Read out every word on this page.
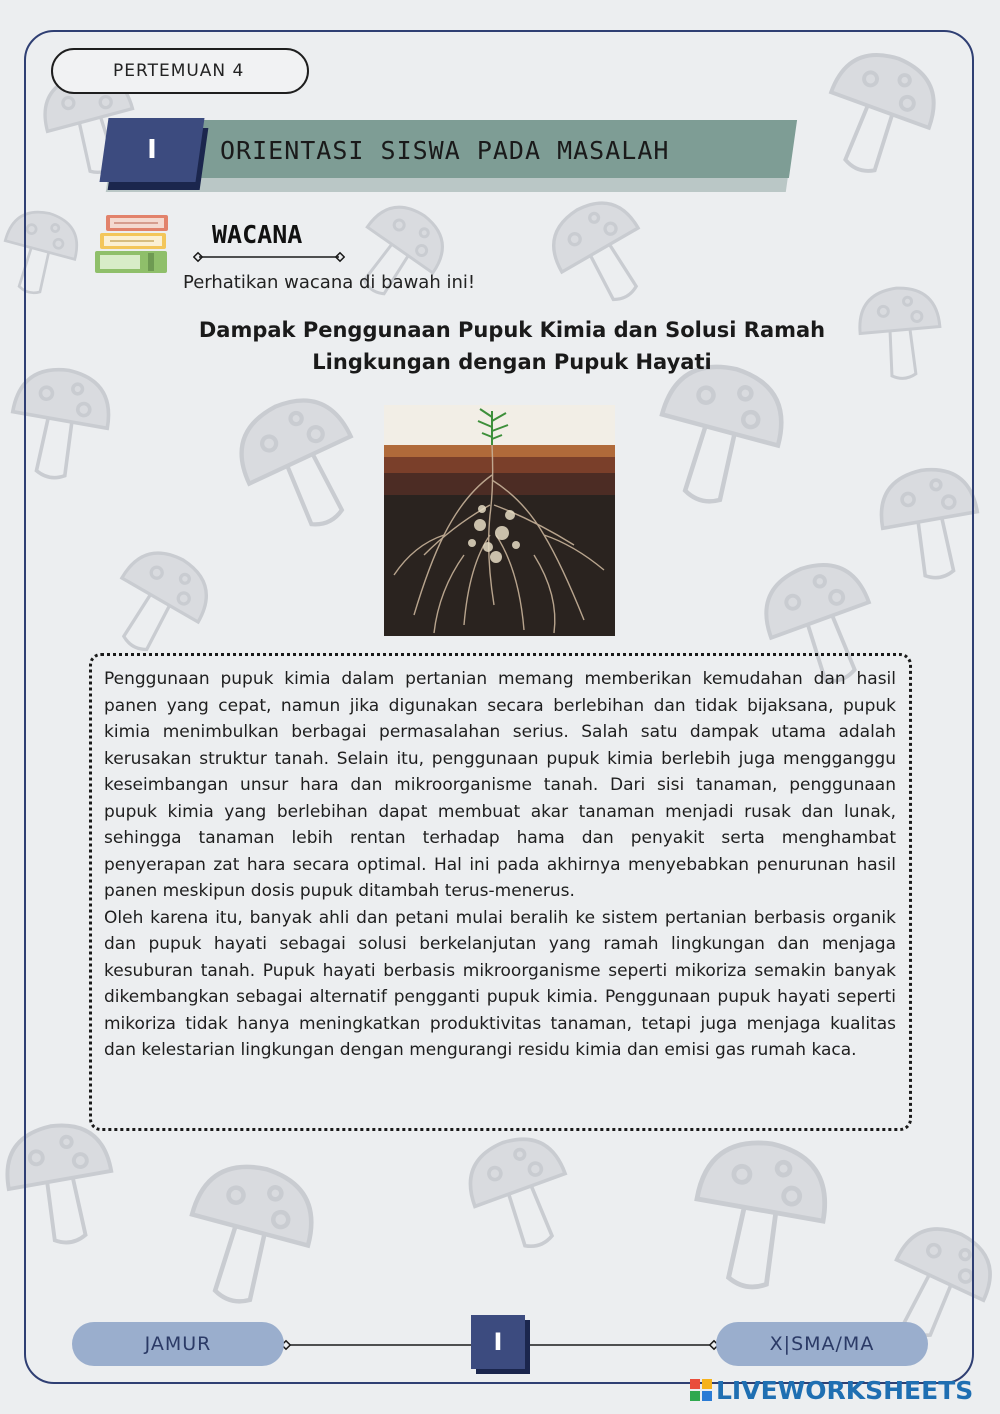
PERTEMUAN 4
I	ORIENTASI SISWA PADA MASALAH
WACANA
Perhatikan wacana di bawah ini!
Dampak Penggunaan Pupuk Kimia dan Solusi Ramah
Lingkungan dengan Pupuk Hayati

Penggunaan pupuk kimia dalam pertanian memang memberikan kemudahan dan hasil panen yang cepat, namun jika digunakan secara berlebihan dan tidak bijaksana, pupuk kimia menimbulkan berbagai permasalahan serius. Salah satu dampak utama adalah kerusakan struktur tanah. Selain itu, penggunaan pupuk kimia berlebih juga mengganggu keseimbangan unsur hara dan mikroorganisme tanah. Dari sisi tanaman, penggunaan pupuk kimia yang berlebihan dapat membuat akar tanaman menjadi rusak dan lunak, sehingga tanaman lebih rentan terhadap hama dan penyakit serta menghambat penyerapan zat hara secara optimal. Hal ini pada akhirnya menyebabkan penurunan hasil panen meskipun dosis pupuk ditambah terus-menerus.

Oleh karena itu, banyak ahli dan petani mulai beralih ke sistem pertanian berbasis organik dan pupuk hayati sebagai solusi berkelanjutan yang ramah lingkungan dan menjaga kesuburan tanah. Pupuk hayati berbasis mikroorganisme seperti mikoriza semakin banyak dikembangkan sebagai alternatif pengganti pupuk kimia. Penggunaan pupuk hayati seperti mikoriza tidak hanya meningkatkan produktivitas tanaman, tetapi juga menjaga kualitas dan kelestarian lingkungan dengan mengurangi residu kimia dan emisi gas rumah kaca.

JAMUR	I	X|SMA/MA
LIVEWORKSHEETS
